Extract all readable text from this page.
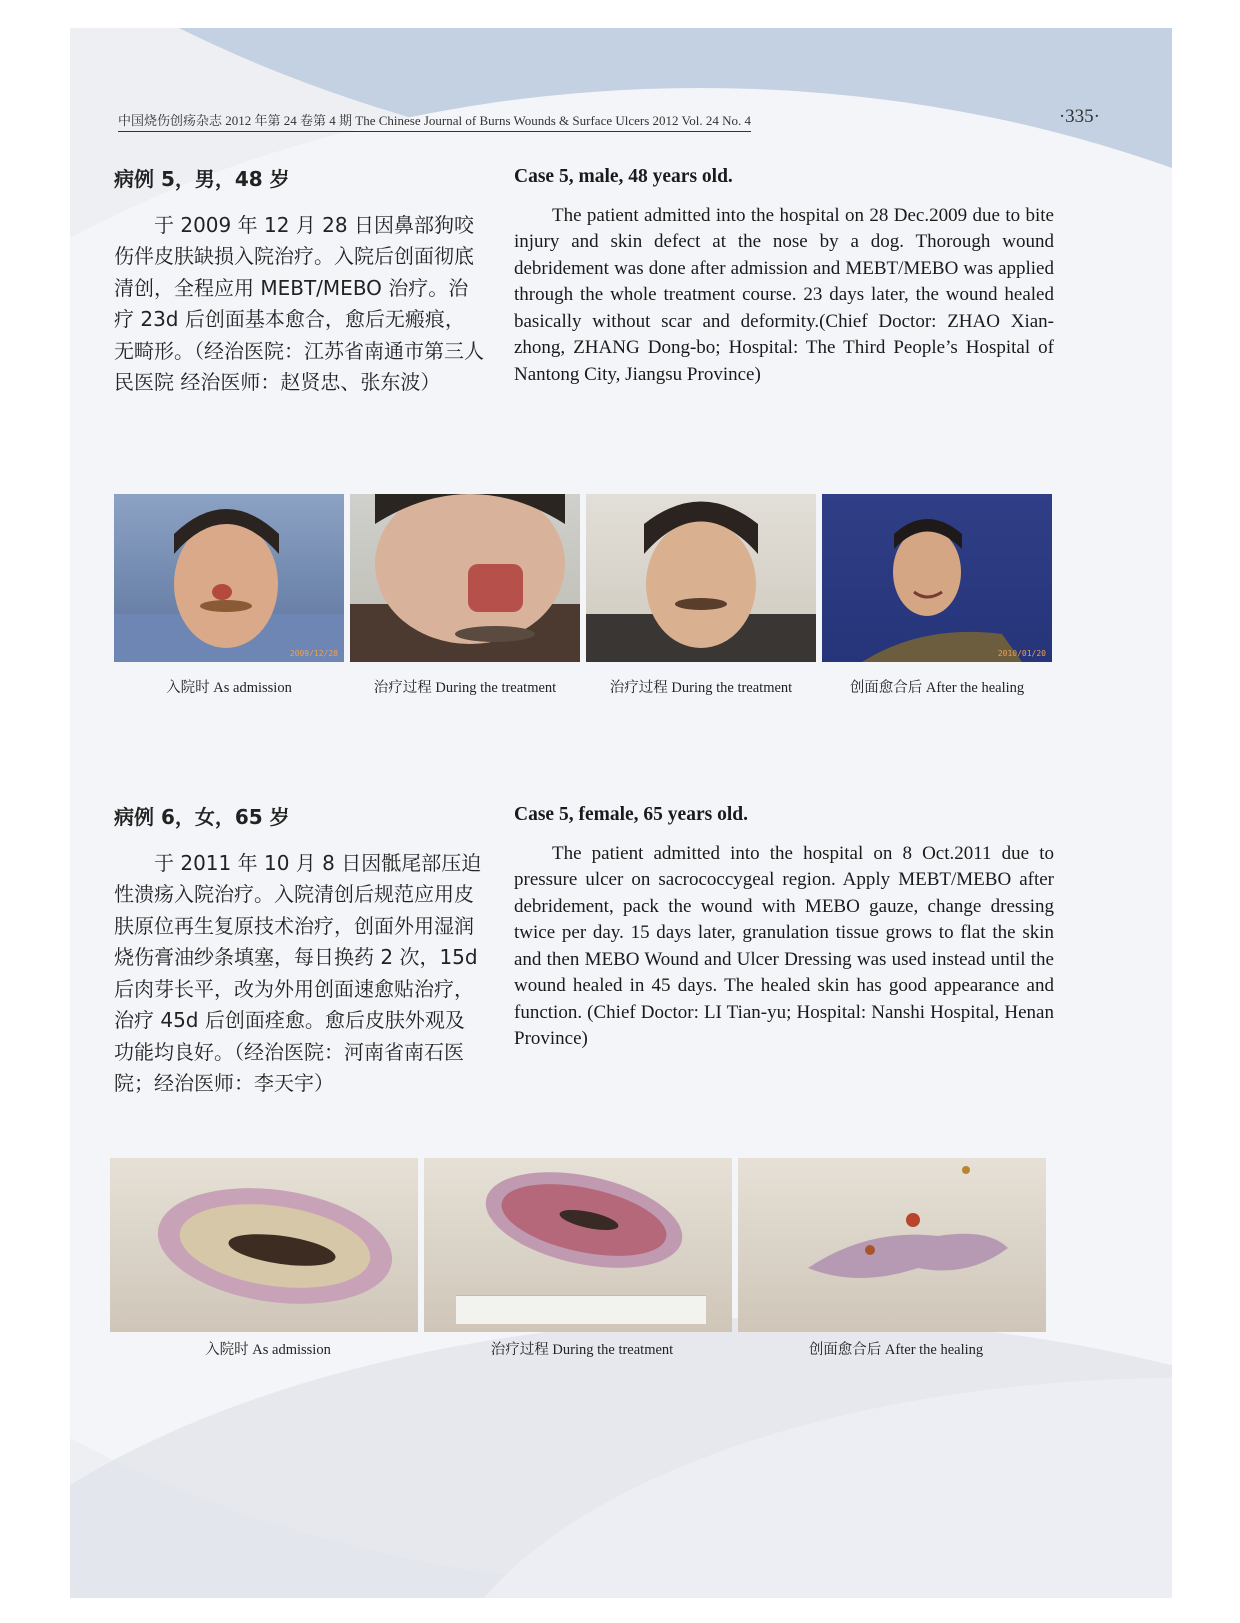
中国烧伤创疡杂志 2012 年第 24 卷第 4 期 The Chinese Journal of Burns Wounds & Surface Ulcers 2012 Vol. 24 No. 4	·335·

病例 5，男，48 岁

于 2009 年 12 月 28 日因鼻部狗咬伤伴皮肤缺损入院治疗。入院后创面彻底清创，全程应用 MEBT/MEBO 治疗。治疗 23d 后创面基本愈合，愈后无瘢痕，无畸形。（经治医院：江苏省南通市第三人民医院 经治医师：赵贤忠、张东波）

Case 5, male, 48 years old.

The patient admitted into the hospital on 28 Dec.2009 due to bite injury and skin defect at the nose by a dog. Thorough wound debridement was done after admission and MEBT/MEBO was applied through the whole treatment course. 23 days later, the wound healed basically without scar and deformity.(Chief Doctor: ZHAO Xian-zhong, ZHANG Dong-bo; Hospital: The Third People’s Hospital of Nantong City, Jiangsu Province)

2009/12/28	2010/01/20
入院时 As admission	治疗过程 During the treatment	治疗过程 During the treatment	创面愈合后 After the healing

病例 6，女，65 岁

于 2011 年 10 月 8 日因骶尾部压迫性溃疡入院治疗。入院清创后规范应用皮肤原位再生复原技术治疗，创面外用湿润烧伤膏油纱条填塞，每日换药 2 次，15d 后肉芽长平，改为外用创面速愈贴治疗，治疗 45d 后创面痊愈。愈后皮肤外观及功能均良好。（经治医院：河南省南石医院；经治医师：李天宇）

Case 5, female, 65 years old.

The patient admitted into the hospital on 8 Oct.2011 due to pressure ulcer on sacrococcygeal region. Apply MEBT/MEBO after debridement, pack the wound with MEBO gauze, change dressing twice per day. 15 days later, granulation tissue grows to flat the skin and then MEBO Wound and Ulcer Dressing was used instead until the wound healed in 45 days. The healed skin has good appearance and function. (Chief Doctor: LI Tian-yu; Hospital: Nanshi Hospital, Henan Province)

入院时 As admission	治疗过程 During the treatment	创面愈合后 After the healing
